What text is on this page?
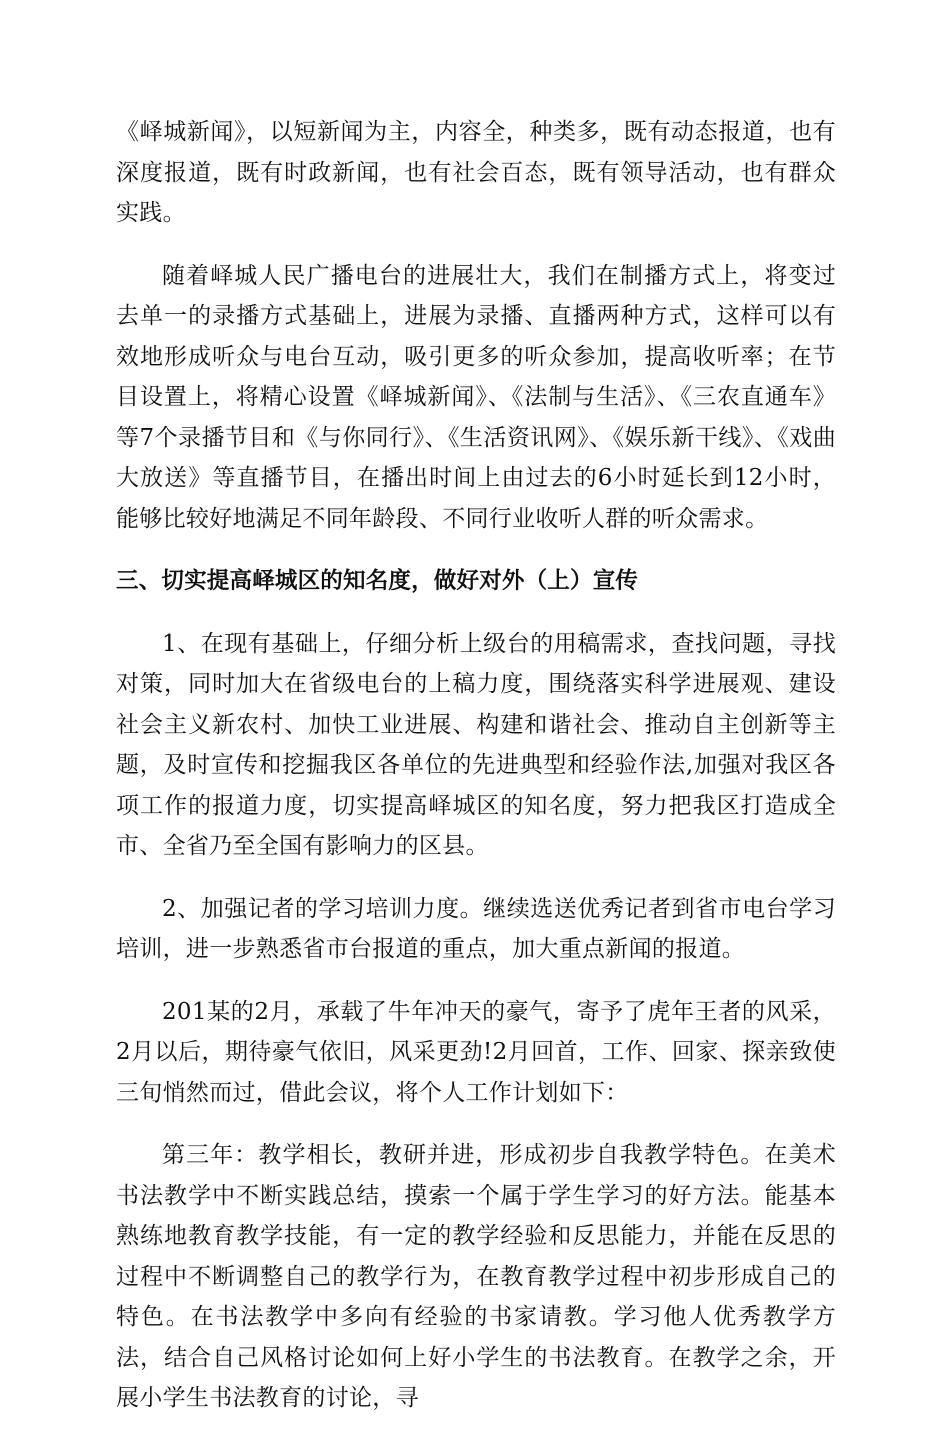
《峄城新闻》，以短新闻为主，内容全，种类多，既有动态报道，也有深度报道，既有时政新闻，也有社会百态，既有领导活动，也有群众实践。

随着峄城人民广播电台的进展壮大，我们在制播方式上，将变过去单一的录播方式基础上，进展为录播、直播两种方式，这样可以有效地形成听众与电台互动，吸引更多的听众参加，提高收听率；在节目设置上，将精心设置《峄城新闻》、《法制与生活》、《三农直通车》等7个录播节目和《与你同行》、《生活资讯网》、《娱乐新干线》、《戏曲大放送》等直播节目，在播出时间上由过去的6小时延长到12小时，能够比较好地满足不同年龄段、不同行业收听人群的听众需求。

三、切实提高峄城区的知名度，做好对外（上）宣传

1、在现有基础上，仔细分析上级台的用稿需求，查找问题，寻找对策，同时加大在省级电台的上稿力度，围绕落实科学进展观、建设社会主义新农村、加快工业进展、构建和谐社会、推动自主创新等主题，及时宣传和挖掘我区各单位的先进典型和经验作法,加强对我区各项工作的报道力度，切实提高峄城区的知名度，努力把我区打造成全市、全省乃至全国有影响力的区县。

2、加强记者的学习培训力度。继续选送优秀记者到省市电台学习培训，进一步熟悉省市台报道的重点，加大重点新闻的报道。

201某的2月，承载了牛年冲天的豪气，寄予了虎年王者的风采，2月以后，期待豪气依旧，风采更劲!2月回首，工作、回家、探亲致使三旬悄然而过，借此会议，将个人工作计划如下：

第三年：教学相长，教研并进，形成初步自我教学特色。在美术书法教学中不断实践总结，摸索一个属于学生学习的好方法。能基本熟练地教育教学技能，有一定的教学经验和反思能力，并能在反思的过程中不断调整自己的教学行为，在教育教学过程中初步形成自己的特色。在书法教学中多向有经验的书家请教。学习他人优秀教学方法，结合自己风格讨论如何上好小学生的书法教育。在教学之余，开展小学生书法教育的讨论，寻
